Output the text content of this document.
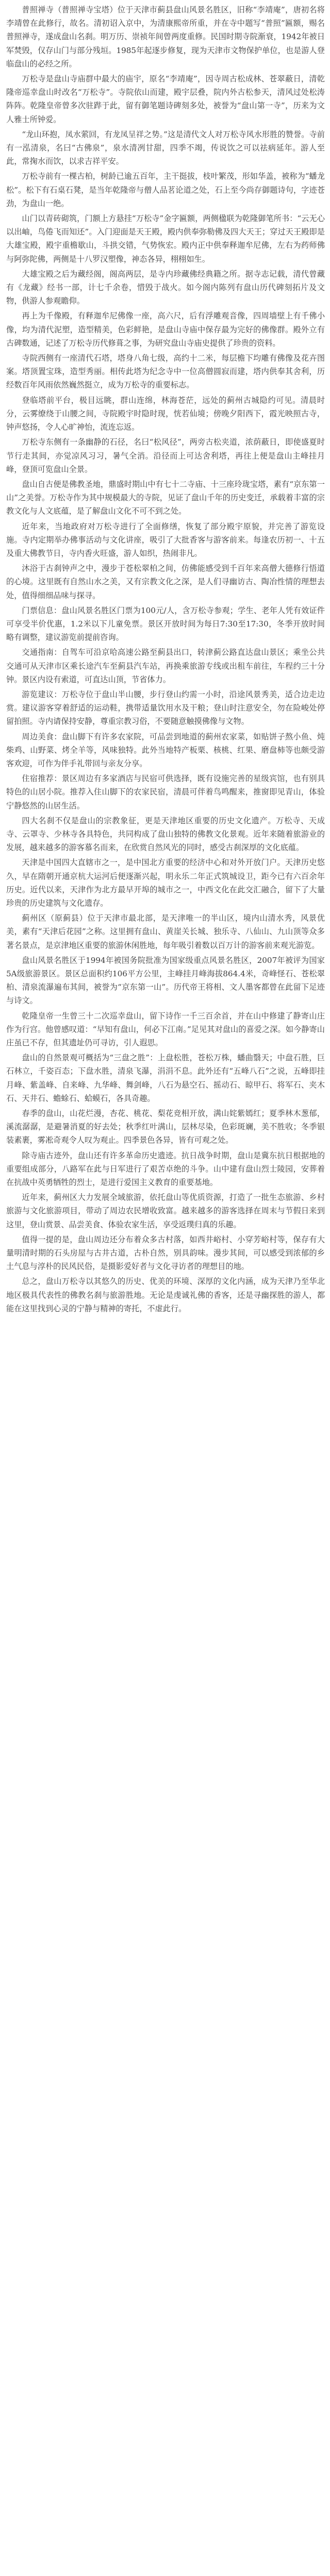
普照禅寺（普照禅寺宝塔）位于天津市蓟县盘山风景名胜区，旧称“李靖庵”，唐初名将李靖曾在此修行，故名。清初诏入京中，为清康熙帝所重，并在寺中题写“普照”匾额，赐名普照禅寺，遂成盘山名刹。明万历、崇祯年间曾两度重修。民国时期寺院渐衰，1942年被日军焚毁，仅存山门与部分残垣。1985年起逐步修复，现为天津市文物保护单位，也是游人登临盘山的必经之所。

万松寺是盘山寺庙群中最大的庙宇，原名“李靖庵”，因寺周古松成林、苍翠蔽日，清乾隆帝巡幸盘山时改名“万松寺”。寺院依山而建，殿宇层叠，院内外古松参天，清风过处松涛阵阵。乾隆皇帝曾多次驻跸于此，留有御笔题诗碑刻多处，被誉为“盘山第一寺”，历来为文人雅士所钟爱。

“龙山环抱，凤水萦回，有龙凤呈祥之势。”这是清代文人对万松寺风水形胜的赞誉。寺前有一泓清泉，名曰“古佛泉”，泉水清冽甘甜，四季不竭，传说饮之可以祛病延年。游人至此，常掬水而饮，以求吉祥平安。

万松寺前有一棵古柏，树龄已逾五百年，主干挺拔，枝叶繁茂，形如华盖，被称为“蟠龙松”。松下有石桌石凳，是当年乾隆帝与僧人品茗论道之处，石上至今尚存御题诗句，字迹苍劲，为盘山一绝。

山门以青砖砌筑，门额上方悬挂“万松寺”金字匾额，两侧楹联为乾隆御笔所书：“云无心以出岫，鸟倦飞而知还”。入门迎面是天王殿，殿内供奉弥勒佛及四大天王；穿过天王殿即是大雄宝殿，殿宇重檐歇山，斗拱交错，气势恢宏。殿内正中供奉释迦牟尼佛，左右为药师佛与阿弥陀佛，两侧是十八罗汉塑像，神态各异，栩栩如生。

大雄宝殿之后为藏经阁，阁高两层，是寺内珍藏佛经典籍之所。据寺志记载，清代曾藏有《龙藏》经书一部，计七千余卷，惜毁于战火。如今阁内陈列有盘山历代碑刻拓片及文物，供游人参观瞻仰。

再上为千像殿，有释迦牟尼佛像一座，高六尺，后有浮雕观音像，四周墙壁上有千佛小像，均为清代泥塑，造型精美，色彩鲜艳，是盘山寺庙中保存最为完好的佛像群。殿外立有古碑数通，记述了万松寺历代修葺之事，为研究盘山寺庙史提供了珍贵的资料。

寺院西侧有一座清代石塔，塔身八角七级，高约十二米，每层檐下均雕有佛像及花卉图案。塔顶置宝珠，造型秀丽。相传此塔为纪念寺中一位高僧圆寂而建，塔内供奉其舍利，历经数百年风雨依然巍然挺立，成为万松寺的重要标志。

登临塔前平台，极目远眺，群山连绵，林海苍茫，远处的蓟州古城隐约可见。清晨时分，云雾缭绕于山腰之间，寺院殿宇时隐时现，恍若仙境；傍晚夕阳西下，霞光映照古寺，钟声悠扬，令人心旷神怡，流连忘返。

万松寺东侧有一条幽静的石径，名曰“松风径”，两旁古松夹道，浓荫蔽日，即使盛夏时节行走其间，亦觉凉风习习，暑气全消。沿径而上可达舍利塔，再往上便是盘山主峰挂月峰，登顶可览盘山全景。

盘山自古便是佛教圣地，鼎盛时期山中有七十二寺庙、十三座玲珑宝塔，素有“京东第一山”之美誉。万松寺作为其中规模最大的寺院，见证了盘山千年的历史变迁，承载着丰富的宗教文化与人文底蕴，是了解盘山文化不可不到之处。

近年来，当地政府对万松寺进行了全面修缮，恢复了部分殿宇原貌，并完善了游览设施。寺内定期举办佛事活动与文化讲座，吸引了大批香客与游客前来。每逢农历初一、十五及重大佛教节日，寺内香火旺盛，游人如织，热闹非凡。

沐浴于古刹钟声之中，漫步于苍松翠柏之间，仿佛能感受到千百年来高僧大德修行悟道的心境。这里既有自然山水之美，又有宗教文化之深，是人们寻幽访古、陶冶性情的理想去处，值得细细品味与探寻。

门票信息：盘山风景名胜区门票为100元/人，含万松寺参观；学生、老年人凭有效证件可享受半价优惠，1.2米以下儿童免票。景区开放时间为每日7:30至17:30，冬季开放时间略有调整，建议游览前提前咨询。

交通指南：自驾车可沿京哈高速公路至蓟县出口，转津蓟公路直达盘山景区；乘坐公共交通可从天津市区乘长途汽车至蓟县汽车站，再换乘旅游专线或出租车前往，车程约三十分钟。景区内设有索道，可直达山顶，节省体力。

游览建议：万松寺位于盘山半山腰，步行登山约需一小时，沿途风景秀美，适合边走边赏。建议游客穿着舒适的运动鞋，携带适量饮用水及干粮；登山时注意安全，勿在险峻处停留拍照。寺内请保持安静，尊重宗教习俗，不要随意触摸佛像与文物。

周边美食：盘山脚下有许多农家院，可品尝到地道的蓟州农家菜，如贴饼子熬小鱼、炖柴鸡、山野菜、烤全羊等，风味独特。此外当地特产板栗、核桃、红果、磨盘柿等也颇受游客欢迎，可作为伴手礼带回与亲友分享。

住宿推荐：景区周边有多家酒店与民宿可供选择，既有设施完善的星级宾馆，也有别具特色的山居小院。推荐入住山脚下的农家民宿，清晨可伴着鸟鸣醒来，推窗即见青山，体验宁静悠然的山居生活。

四大名刹不仅是盘山的宗教象征，更是天津地区重要的历史文化遗产。万松寺、天成寺、云罩寺、少林寺各具特色，共同构成了盘山独特的佛教文化景观。近年来随着旅游业的发展，越来越多的游客慕名而来，在欣赏自然风光的同时，感受古刹深厚的文化底蕴。

天津是中国四大直辖市之一，是中国北方重要的经济中心和对外开放门户。天津历史悠久，早在隋朝开通京杭大运河后便逐渐兴起，明永乐二年正式筑城设卫，距今已有六百余年历史。近代以来，天津作为北方最早开埠的城市之一，中西文化在此交汇融合，留下了大量珍贵的历史建筑与文化遗存。

蓟州区（原蓟县）位于天津市最北部，是天津唯一的半山区，境内山清水秀，风景优美，素有“天津后花园”之称。这里拥有盘山、黄崖关长城、独乐寺、八仙山、九山顶等众多著名景点，是京津地区重要的旅游休闲胜地，每年吸引着数以百万计的游客前来观光游览。

盘山风景名胜区于1994年被国务院批准为国家级重点风景名胜区，2007年被评为国家5A级旅游景区。景区总面积约106平方公里，主峰挂月峰海拔864.4米，奇峰怪石、苍松翠柏、清泉流瀑遍布其间，被誉为“京东第一山”。历代帝王将相、文人墨客都曾在此留下足迹与诗文。

乾隆皇帝一生曾三十二次巡幸盘山，留下诗作一千三百余首，并在山中修建了静寄山庄作为行宫。他曾感叹道：“早知有盘山，何必下江南。”足见其对盘山的喜爱之深。如今静寄山庄虽已不存，但其遗址仍可寻访，引人遐思。

盘山的自然景观可概括为“三盘之胜”：上盘松胜，苍松万株，蟠曲翳天；中盘石胜，巨石林立，千姿百态；下盘水胜，清泉飞瀑，涓涓不息。此外还有“五峰八石”之说，五峰即挂月峰、紫盖峰、自来峰、九华峰、舞剑峰，八石为悬空石、摇动石、晾甲石、将军石、夹木石、天井石、蟾蜍石、蛤蟆石，各具奇趣。

春季的盘山，山花烂漫，杏花、桃花、梨花竞相开放，满山姹紫嫣红；夏季林木葱郁，溪流潺潺，是避暑消夏的好去处；秋季红叶满山，层林尽染，色彩斑斓，美不胜收；冬季银装素裹，雾凇奇观令人叹为观止。四季景色各异，皆有可观之处。

除寺庙古迹外，盘山还有许多革命历史遗迹。抗日战争时期，盘山是冀东抗日根据地的重要组成部分，八路军在此与日军进行了艰苦卓绝的斗争。山中建有盘山烈士陵园，安葬着在抗战中英勇牺牲的烈士，是进行爱国主义教育的重要基地。

近年来，蓟州区大力发展全域旅游，依托盘山等优质资源，打造了一批生态旅游、乡村旅游与文化旅游项目，带动了周边农民增收致富。越来越多的游客选择在周末与节假日来到这里，登山赏景、品尝美食、体验农家生活，享受返璞归真的乐趣。

值得一提的是，盘山周边还分布着众多古村落，如西井峪村、小穿芳峪村等，保存有大量明清时期的石头房屋与古井古道，古朴自然，别具韵味。漫步其间，可以感受到浓郁的乡土气息与淳朴的民风民俗，是摄影爱好者与文化寻访者的理想目的地。

总之，盘山万松寺以其悠久的历史、优美的环境、深厚的文化内涵，成为天津乃至华北地区极具代表性的佛教名刹与旅游胜地。无论是虔诚礼佛的香客，还是寻幽探胜的游人，都能在这里找到心灵的宁静与精神的寄托，不虚此行。
